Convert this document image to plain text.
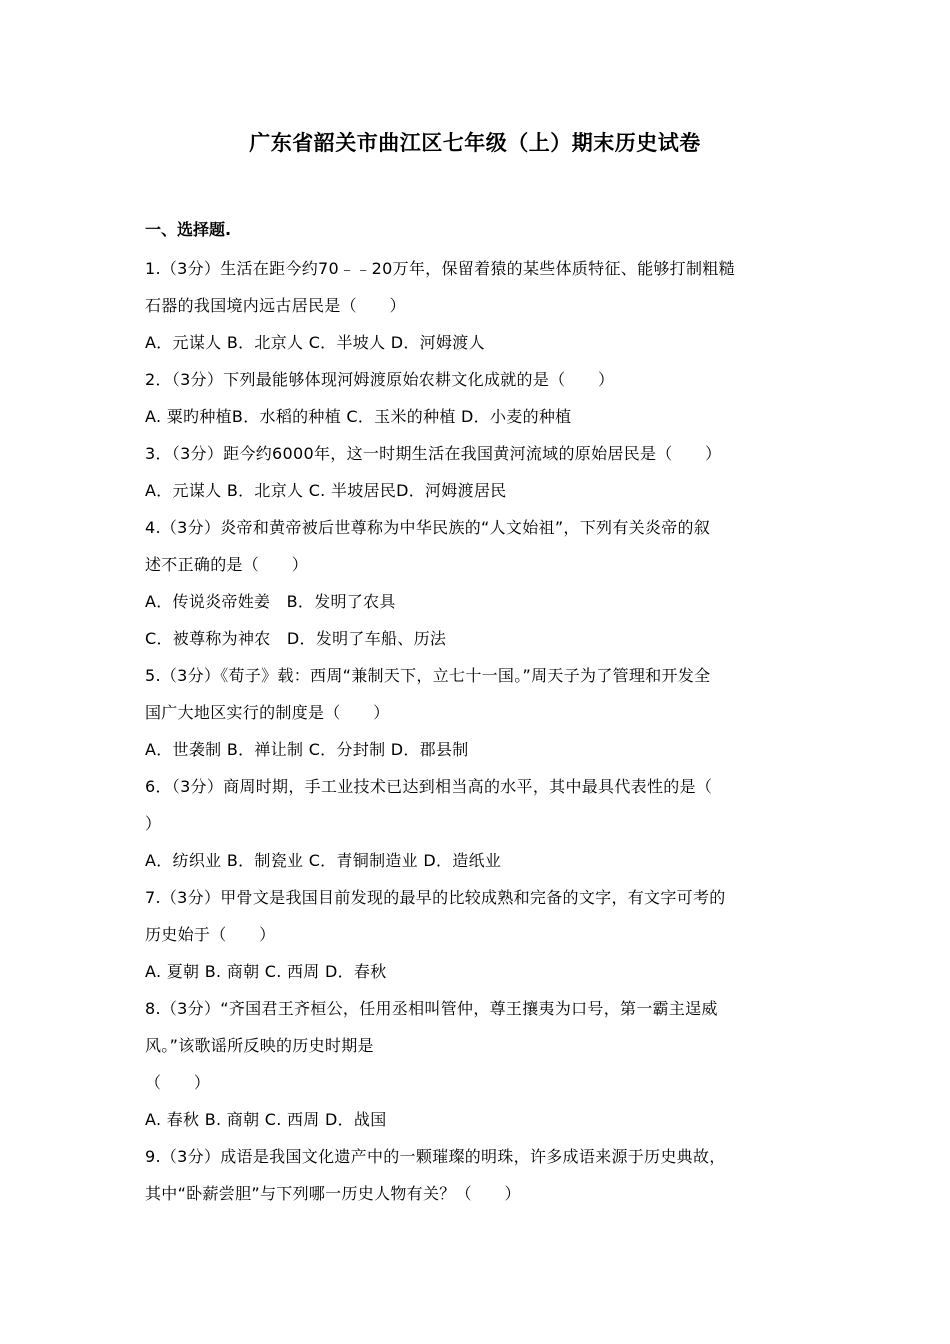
广东省韶关市曲江区七年级（上）期末历史试卷
一、选择题.
1.（3分）生活在距今约70﹣﹣20万年，保留着猿的某些体质特征、能够打制粗糙
石器的我国境内远古居民是（　　）
A．元谋人 B．北京人 C．半坡人 D．河姆渡人
2．（3分）下列最能够体现河姆渡原始农耕文化成就的是（　　）
A. 粟旳种植B．水稻的种植 C．玉米的种植 D．小麦的种植
3．（3分）距今约6000年，这一时期生活在我国黄河流域的原始居民是（　　）
A．元谋人 B．北京人 C. 半坡居民D．河姆渡居民
4.（3分）炎帝和黄帝被后世尊称为中华民族的“人文始祖”，下列有关炎帝的叙
述不正确的是（　　）
A．传说炎帝姓姜　B．发明了农具
C．被尊称为神农　D．发明了车船、历法
5.（3分）《荀子》载：西周“兼制天下，立七十一国。”周天子为了管理和开发全
国广大地区实行的制度是（　　）
A．世袭制 B．禅让制 C．分封制 D．郡县制
6．（3分）商周时期，手工业技术已达到相当高的水平，其中最具代表性的是（
）
A．纺织业 B．制瓷业 C．青铜制造业 D．造纸业
7.（3分）甲骨文是我国目前发现的最早的比较成熟和完备的文字，有文字可考的
历史始于（　　）
A. 夏朝 B. 商朝 C. 西周 D．春秋
8.（3分）“齐国君王齐桓公，任用丞相叫管仲，尊王攘夷为口号，第一霸主逞威
风。”该歌谣所反映的历史时期是
（　　）
A. 春秋 B. 商朝 C. 西周 D．战国
9.（3分）成语是我国文化遗产中的一颗璀璨的明珠，许多成语来源于历史典故，
其中“卧薪尝胆”与下列哪一历史人物有关？（　　）
